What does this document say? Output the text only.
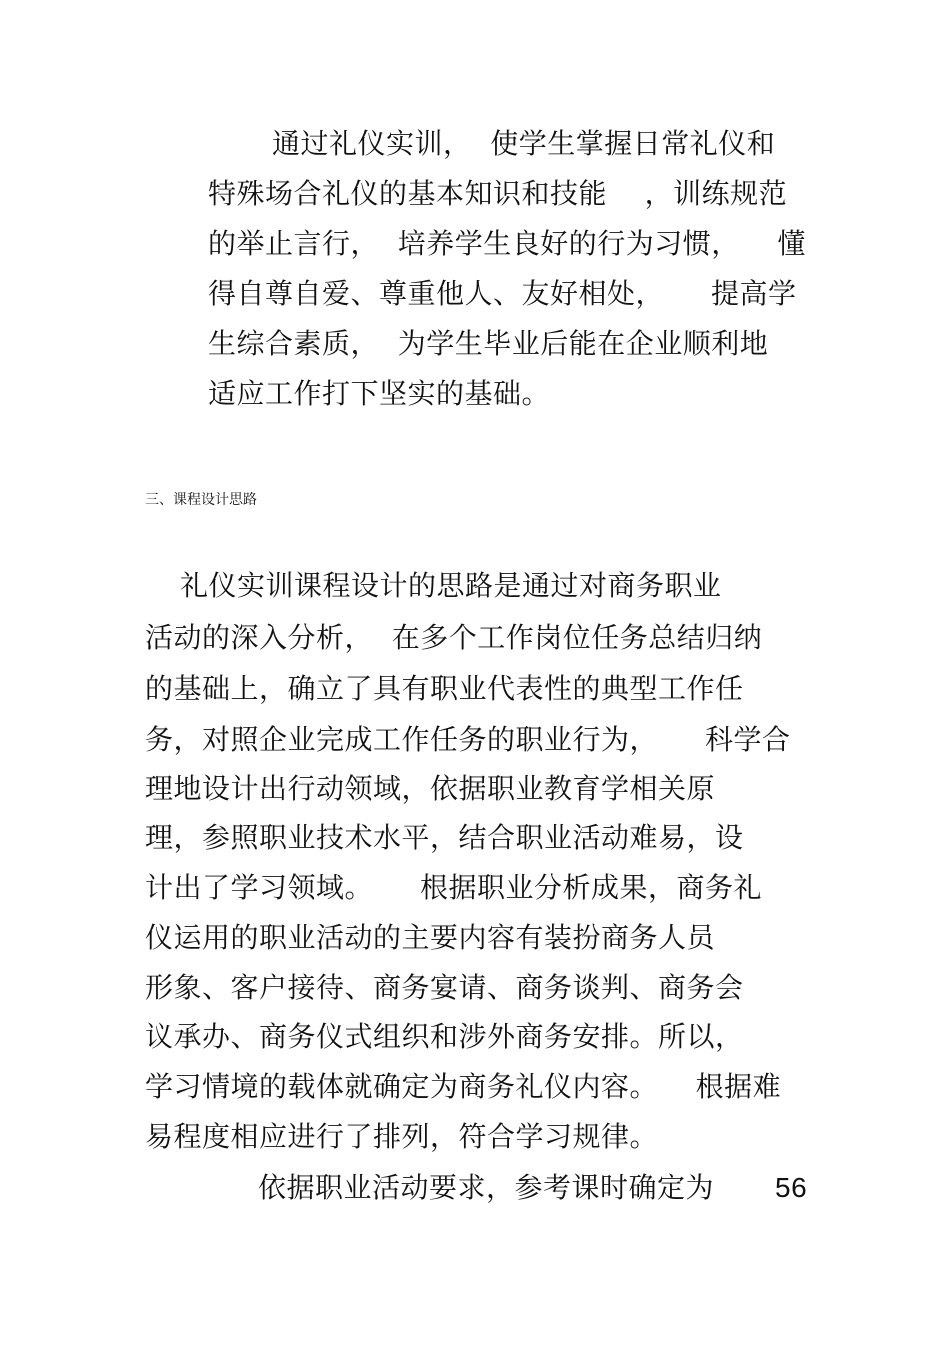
通过礼仪实训，  使学生掌握日常礼仪和
特殊场合礼仪的基本知识和技能    ，训练规范
的举止言行，  培养学生良好的行为习惯，    懂
得自尊自爱、尊重他人、友好相处，     提高学
生综合素质，  为学生毕业后能在企业顺利地
适应工作打下坚实的基础。
三、课程设计思路
礼仪实训课程设计的思路是通过对商务职业
活动的深入分析，  在多个工作岗位任务总结归纳
的基础上，确立了具有职业代表性的典型工作任
务，对照企业完成工作任务的职业行为，     科学合
理地设计出行动领域，依据职业教育学相关原
理，参照职业技术水平，结合职业活动难易，设
计出了学习领域。     根据职业分析成果，商务礼
仪运用的职业活动的主要内容有装扮商务人员
形象、客户接待、商务宴请、商务谈判、商务会
议承办、商务仪式组织和涉外商务安排。所以，
学习情境的载体就确定为商务礼仪内容。    根据难
易程度相应进行了排列，符合学习规律。
依据职业活动要求，参考课时确定为 56
